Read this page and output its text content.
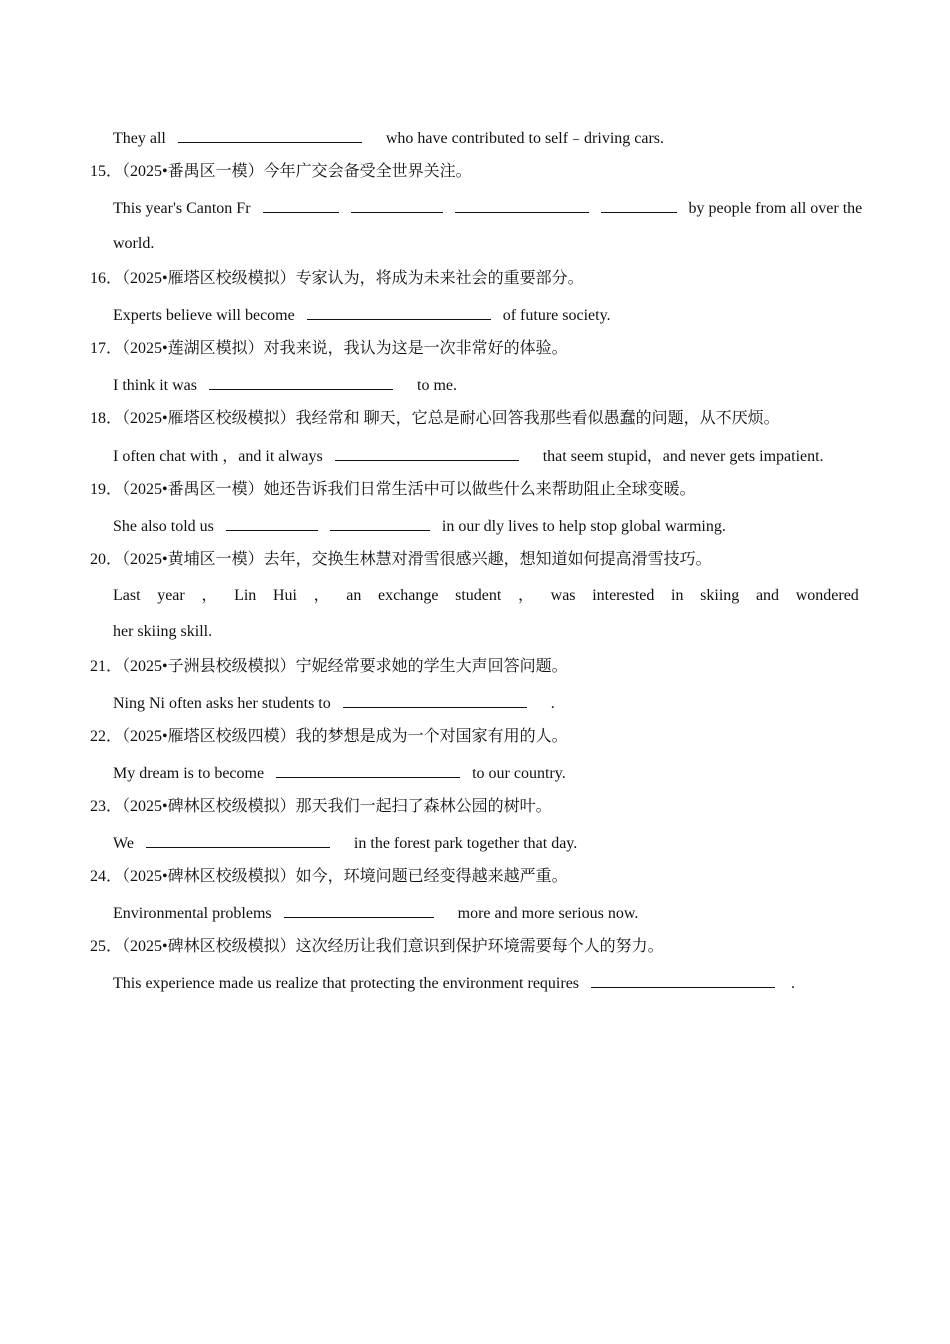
They all	who have contributed to self﹣driving cars.
15．（2025•番禺区一模）今年广交会备受全世界关注。
This year's Canton Fr	by people from all over the
world.
16．（2025•雁塔区校级模拟）专家认为，将成为未来社会的重要部分。
Experts believe will become	of future society.
17．（2025•莲湖区模拟）对我来说，我认为这是一次非常好的体验。
I think it was	to me.
18．（2025•雁塔区校级模拟）我经常和 聊天，它总是耐心回答我那些看似愚蠢的问题，从不厌烦。
I often chat with ，and it always	that seem stupid，and never gets impatient.
19．（2025•番禺区一模）她还告诉我们日常生活中可以做些什么来帮助阻止全球变暖。
She also told us	in our dly lives to help stop global warming.
20．（2025•黄埔区一模）去年，交换生林慧对滑雪很感兴趣，想知道如何提高滑雪技巧。
Last year ， Lin Hui ， an exchange student ， was interested in skiing and wondered
her skiing skill.
21．（2025•子洲县校级模拟）宁妮经常要求她的学生大声回答问题。
Ning Ni often asks her students to	.
22．（2025•雁塔区校级四模）我的梦想是成为一个对国家有用的人。
My dream is to become	to our country.
23．（2025•碑林区校级模拟）那天我们一起扫了森林公园的树叶。
We	in the forest park together that day.
24．（2025•碑林区校级模拟）如今，环境问题已经变得越来越严重。
Environmental problems	more and more serious now.
25．（2025•碑林区校级模拟）这次经历让我们意识到保护环境需要每个人的努力。
This experience made us realize that protecting the environment requires	.
